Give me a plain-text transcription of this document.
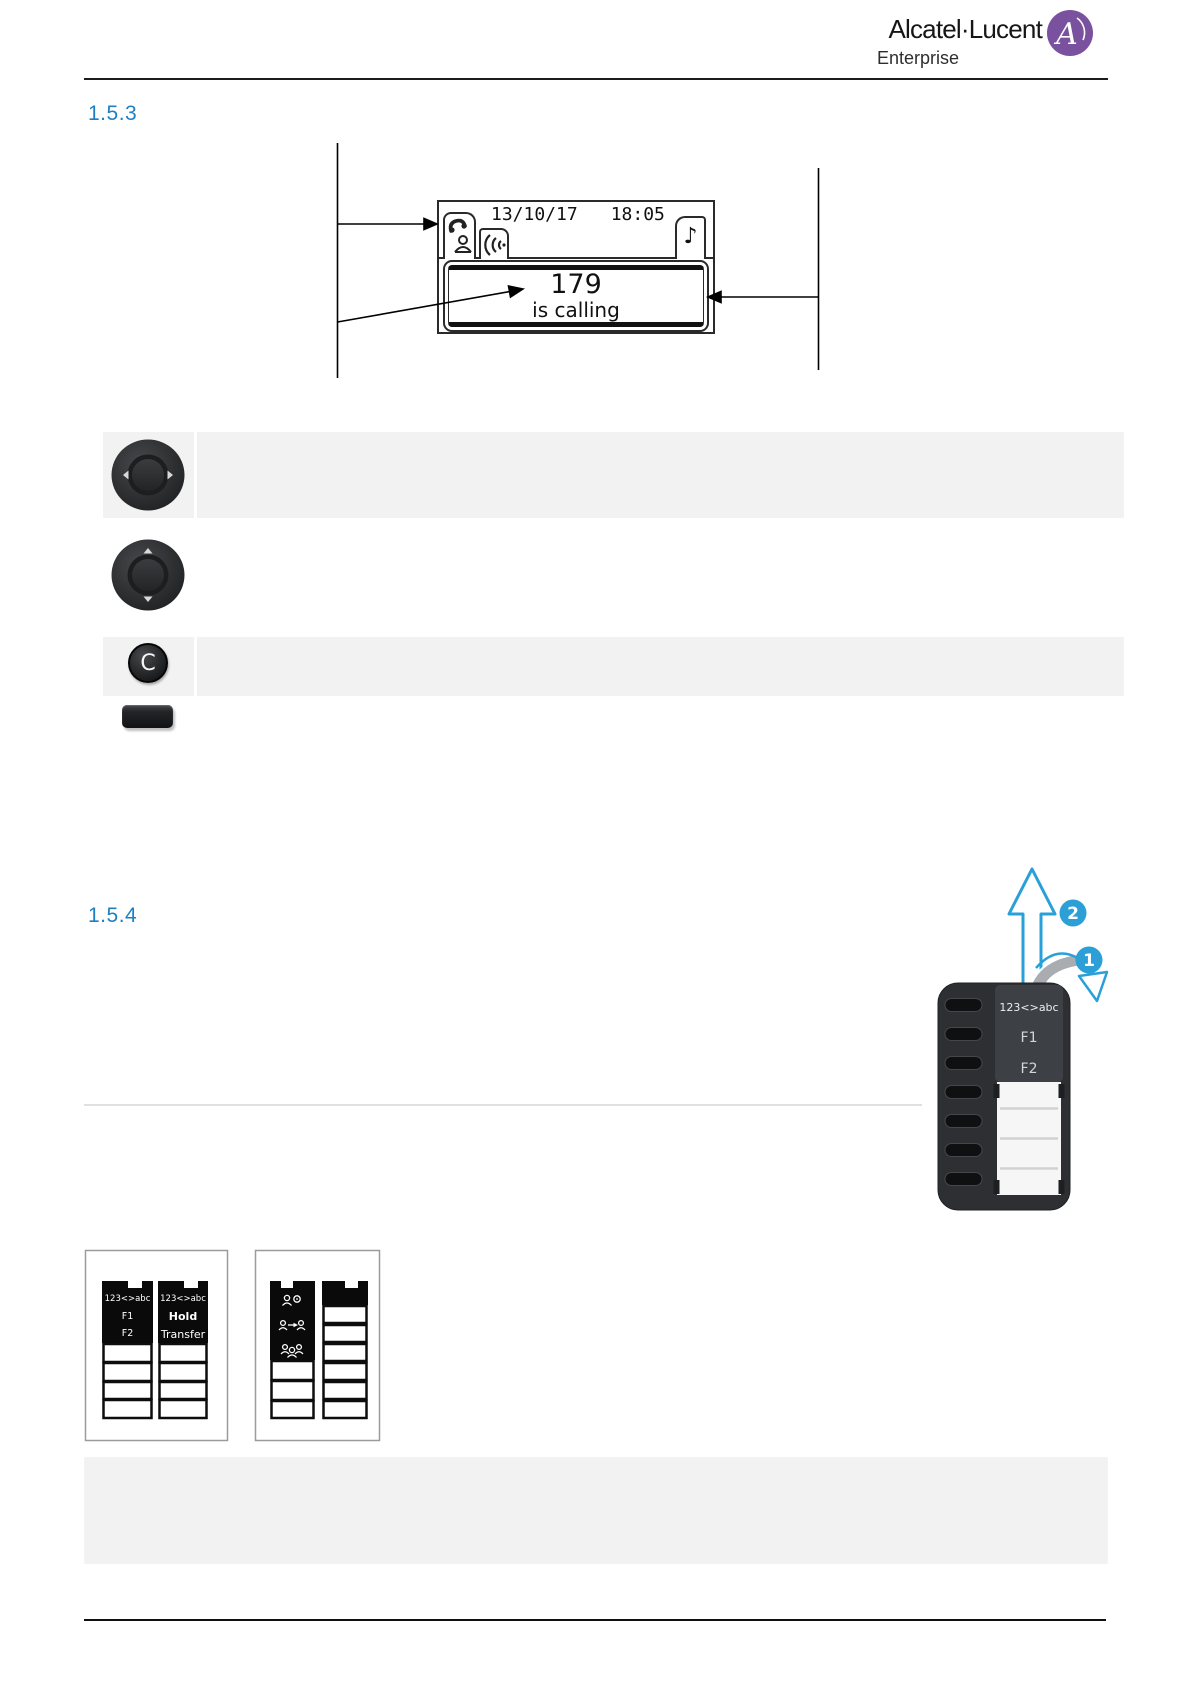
Alcatel·Lucent
Enterprise
A
1.5.3
1.5.4
13/10/17 18:05
♪
179
is calling
C
123<>abc
F1
F2
2
1
123<>abc
F1
F2
123<>abc
Hold
Transfer
